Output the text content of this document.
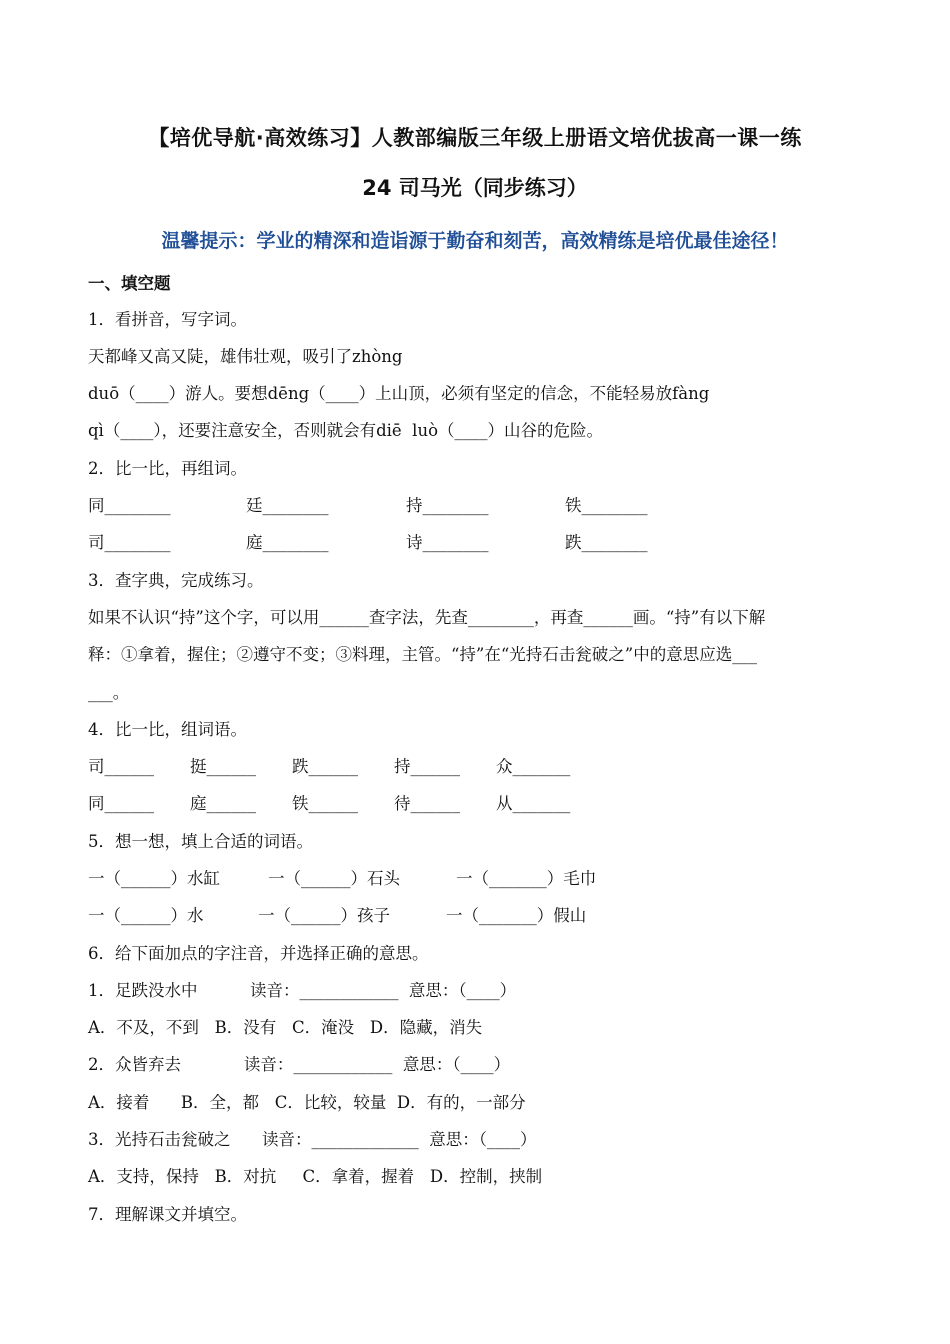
【培优导航·高效练习】人教部编版三年级上册语文培优拔高一课一练
24 司马光（同步练习）
温馨提示：学业的精深和造诣源于勤奋和刻苦，高效精练是培优最佳途径！
一、填空题
1．看拼音，写字词。
天都峰又高又陡，雄伟壮观，吸引了zhòng
duō（____）游人。要想dēng（____）上山顶，必须有坚定的信念，不能轻易放fàng
qì（____），还要注意安全，否则就会有diē  luò（____）山谷的危险。
2．比一比，再组词。
同________	廷________	持________	铁________
司________	庭________	诗________	跌________
3．查字典，完成练习。
如果不认识“持”这个字，可以用______查字法，先查________，再查______画。“持”有以下解
释：①拿着，握住；②遵守不变；③料理，主管。“持”在“光持石击瓮破之”中的意思应选___
___。
4．比一比，组词语。
司______ 挺______ 跌______ 持______ 众_______
同______ 庭______ 铁______ 待______ 从_______
5．想一想，填上合适的词语。
一（______）水缸	一（______）石头	一（_______）毛巾
一（______）水	一（______）孩子	一（_______）假山
6．给下面加点的字注音，并选择正确的意思。
1．足跌没水中          读音：____________  意思：（____）
A．不及，不到   B．没有   C．淹没   D．隐藏，消失
2．众皆弃去            读音：____________  意思：（____）
A．接着      B．全，都   C．比较，较量  D．有的，一部分
3．光持石击瓮破之      读音：_____________  意思：（____）
A．支持，保持   B．对抗     C．拿着，握着   D．控制，挟制
7．理解课文并填空。
